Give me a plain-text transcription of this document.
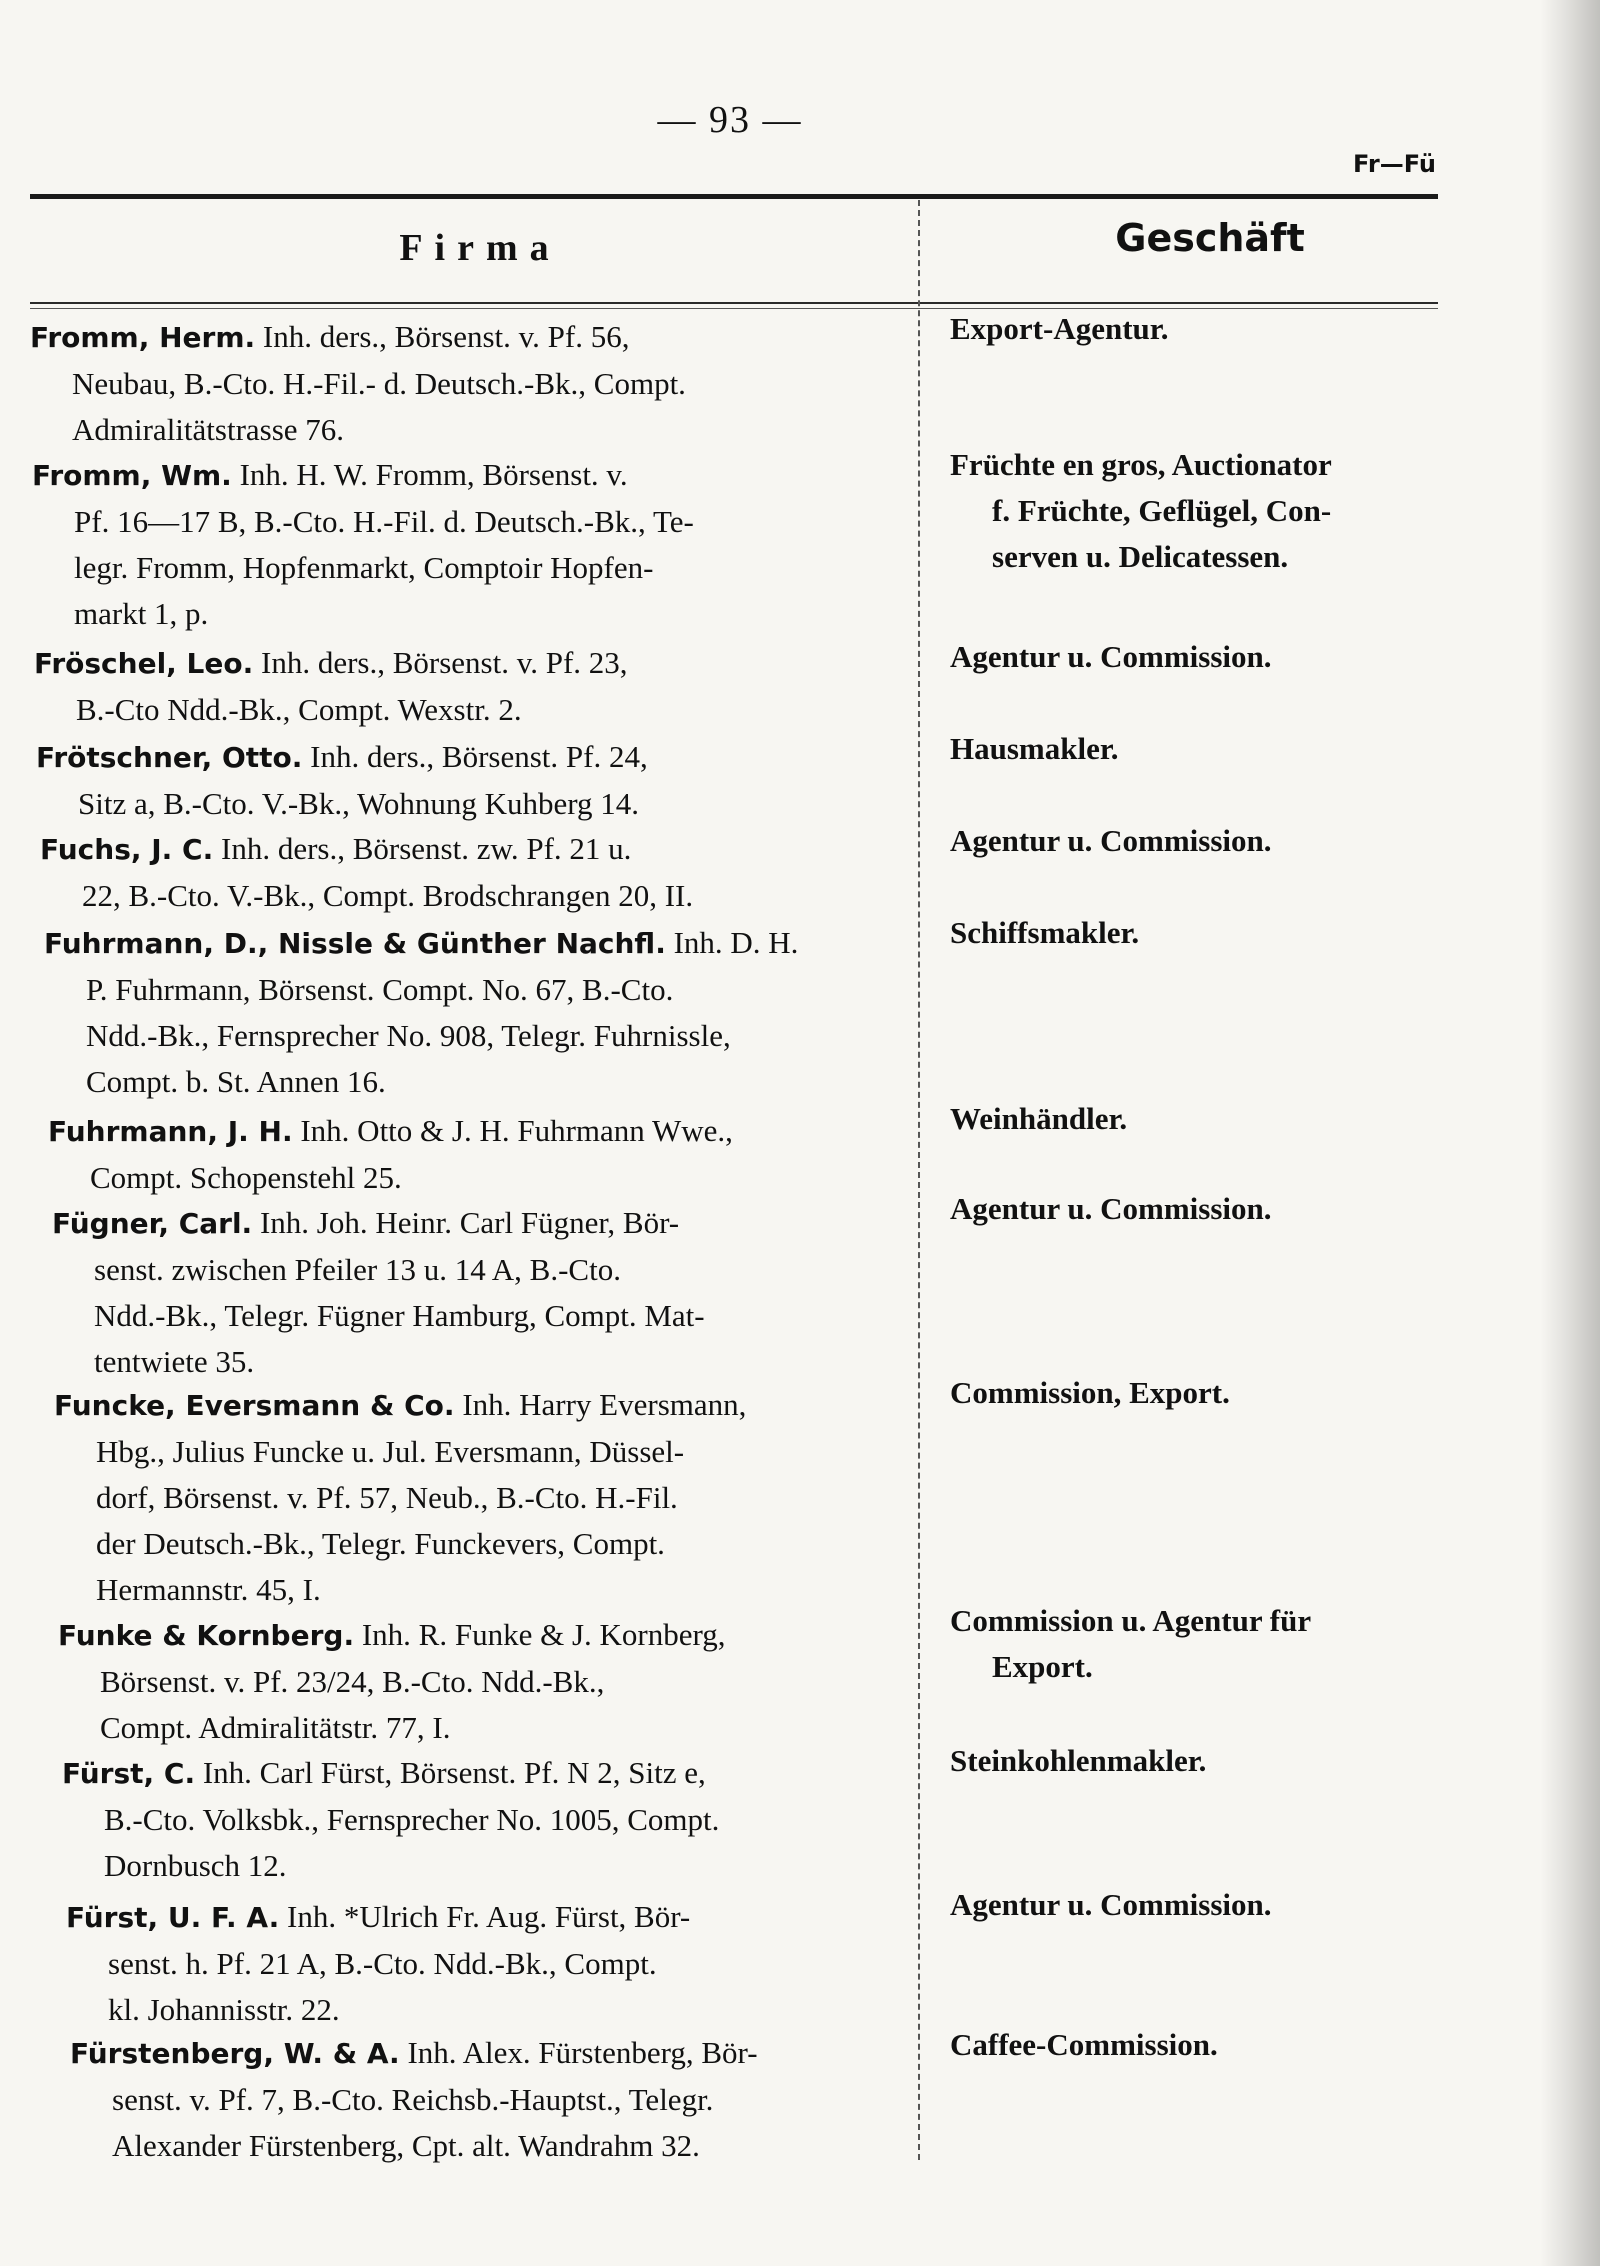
— 93 —
Fr—Fü
Firma	Geschäft
Fromm, Herm. Inh. ders., Börsenst. v. Pf. 56,
Neubau, B.-Cto. H.-Fil.- d. Deutsch.-Bk., Compt.
Admiralitätstrasse 76.
Export-Agentur.
Fromm, Wm. Inh. H. W. Fromm, Börsenst. v.
Pf. 16—17 B, B.-Cto. H.-Fil. d. Deutsch.-Bk., Te-
legr. Fromm, Hopfenmarkt, Comptoir Hopfen-
markt 1, p.
Früchte en gros, Auctionator
f. Früchte, Geflügel, Con-
serven u. Delicatessen.
Fröschel, Leo. Inh. ders., Börsenst. v. Pf. 23,
B.-Cto Ndd.-Bk., Compt. Wexstr. 2.
Agentur u. Commission.
Frötschner, Otto. Inh. ders., Börsenst. Pf. 24,
Sitz a, B.-Cto. V.-Bk., Wohnung Kuhberg 14.
Hausmakler.
Fuchs, J. C. Inh. ders., Börsenst. zw. Pf. 21 u.
22, B.-Cto. V.-Bk., Compt. Brodschrangen 20, II.
Agentur u. Commission.
Fuhrmann, D., Nissle & Günther Nachfl. Inh. D. H.
P. Fuhrmann, Börsenst. Compt. No. 67, B.-Cto.
Ndd.-Bk., Fernsprecher No. 908, Telegr. Fuhrnissle,
Compt. b. St. Annen 16.
Schiffsmakler.
Fuhrmann, J. H. Inh. Otto & J. H. Fuhrmann Wwe.,
Compt. Schopenstehl 25.
Weinhändler.
Fügner, Carl. Inh. Joh. Heinr. Carl Fügner, Bör-
senst. zwischen Pfeiler 13 u. 14 A, B.-Cto.
Ndd.-Bk., Telegr. Fügner Hamburg, Compt. Mat-
tentwiete 35.
Agentur u. Commission.
Funcke, Eversmann & Co. Inh. Harry Eversmann,
Hbg., Julius Funcke u. Jul. Eversmann, Düssel-
dorf, Börsenst. v. Pf. 57, Neub., B.-Cto. H.-Fil.
der Deutsch.-Bk., Telegr. Funckevers, Compt.
Hermannstr. 45, I.
Commission, Export.
Funke & Kornberg. Inh. R. Funke & J. Kornberg,
Börsenst. v. Pf. 23/24, B.-Cto. Ndd.-Bk.,
Compt. Admiralitätstr. 77, I.
Commission u. Agentur für
Export.
Fürst, C. Inh. Carl Fürst, Börsenst. Pf. N 2, Sitz e,
B.-Cto. Volksbk., Fernsprecher No. 1005, Compt.
Dornbusch 12.
Steinkohlenmakler.
Fürst, U. F. A. Inh. *Ulrich Fr. Aug. Fürst, Bör-
senst. h. Pf. 21 A, B.-Cto. Ndd.-Bk., Compt.
kl. Johannisstr. 22.
Agentur u. Commission.
Fürstenberg, W. & A. Inh. Alex. Fürstenberg, Bör-
senst. v. Pf. 7, B.-Cto. Reichsb.-Hauptst., Telegr.
Alexander Fürstenberg, Cpt. alt. Wandrahm 32.
Caffee-Commission.
